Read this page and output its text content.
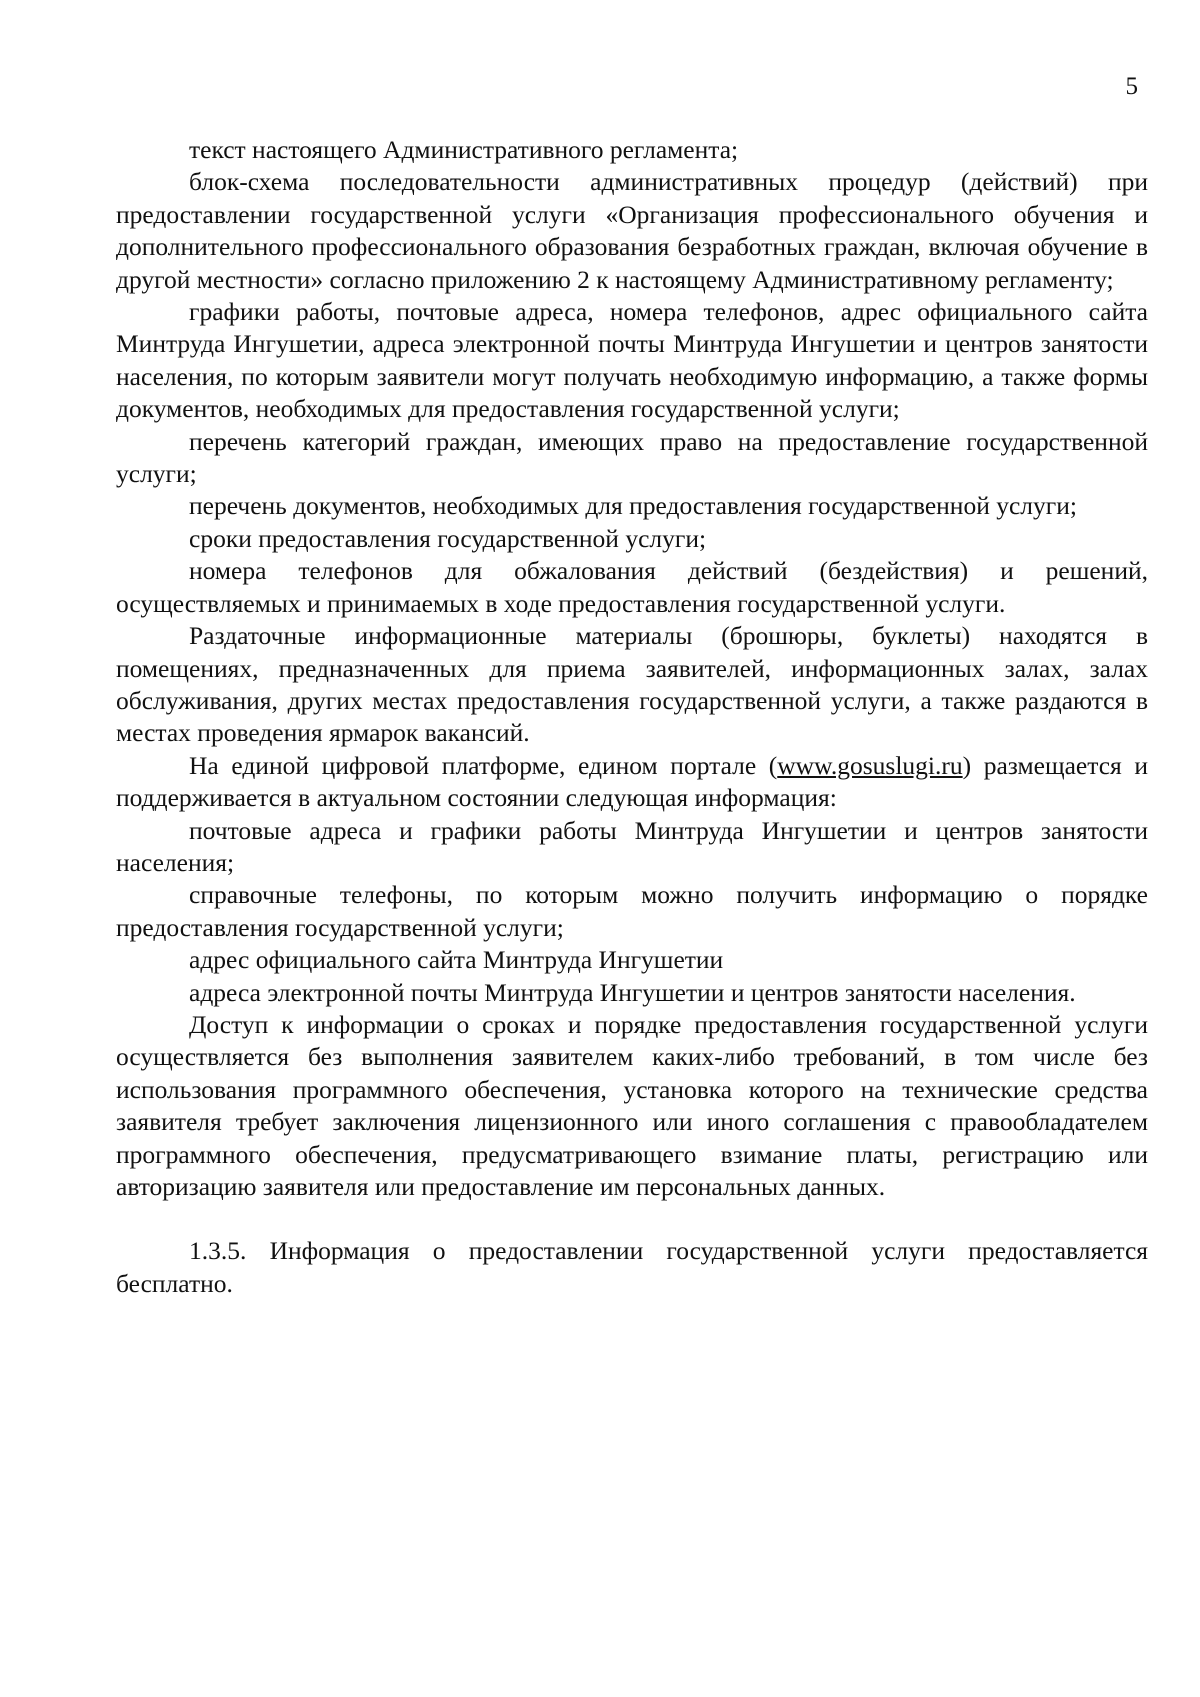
5

текст настоящего Административного регламента;

блок-схема последовательности административных процедур (действий) при предоставлении государственной услуги «Организация профессионального обучения и дополнительного профессионального образования безработных граждан, включая обучение в другой местности» согласно приложению 2 к настоящему Административному регламенту;

графики работы, почтовые адреса, номера телефонов, адрес официального сайта Минтруда Ингушетии, адреса электронной почты Минтруда Ингушетии и центров занятости населения, по которым заявители могут получать необходимую информацию, а также формы документов, необходимых для предоставления государственной услуги;

перечень категорий граждан, имеющих право на предоставление государственной услуги;

перечень документов, необходимых для предоставления государственной услуги;

сроки предоставления государственной услуги;

номера телефонов для обжалования действий (бездействия) и решений, осуществляемых и принимаемых в ходе предоставления государственной услуги.

Раздаточные информационные материалы (брошюры, буклеты) находятся в помещениях, предназначенных для приема заявителей, информационных залах, залах обслуживания, других местах предоставления государственной услуги, а также раздаются в местах проведения ярмарок вакансий.

На единой цифровой платформе, едином портале (www.gosuslugi.ru) размещается и поддерживается в актуальном состоянии следующая информация:

почтовые адреса и графики работы Минтруда Ингушетии и центров занятости населения;

справочные телефоны, по которым можно получить информацию о порядке предоставления государственной услуги;

адрес официального сайта Минтруда Ингушетии

адреса электронной почты Минтруда Ингушетии и центров занятости населения.

Доступ к информации о сроках и порядке предоставления государственной услуги осуществляется без выполнения заявителем каких-либо требований, в том числе без использования программного обеспечения, установка которого на технические средства заявителя требует заключения лицензионного или иного соглашения с правообладателем программного обеспечения, предусматривающего взимание платы, регистрацию или авторизацию заявителя или предоставление им персональных данных.

1.3.5. Информация о предоставлении государственной услуги предоставляется бесплатно.
